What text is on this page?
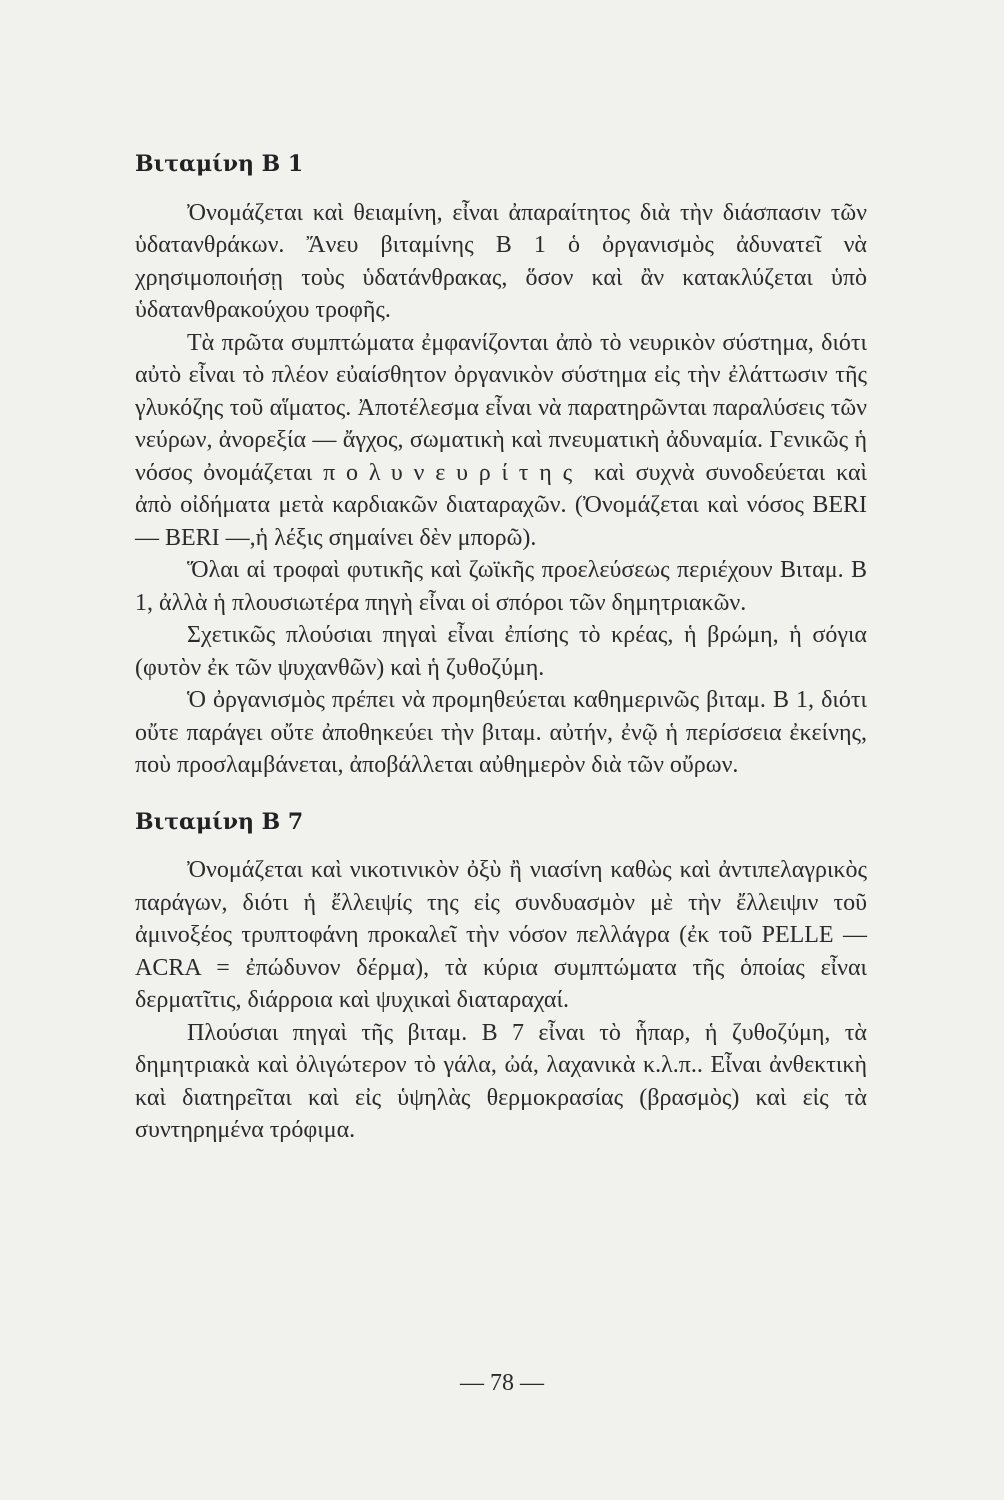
Βιταμίνη Β 1

Ὀνομάζεται καὶ θειαμίνη, εἶναι ἀπαραίτητος διὰ τὴν διάσπασιν τῶν ὑδατανθράκων. Ἄνευ βιταμίνης Β 1 ὁ ὀργανισμὸς ἀδυνατεῖ νὰ χρησιμοποιήσῃ τοὺς ὑδατάνθρακας, ὅσον καὶ ἂν κατακλύζεται ὑπὸ ὑδατανθρακούχου τροφῆς.

Τὰ πρῶτα συμπτώματα ἐμφανίζονται ἀπὸ τὸ νευρικὸν σύστημα, διότι αὐτὸ εἶναι τὸ πλέον εὐαίσθητον ὀργανικὸν σύστημα εἰς τὴν ἐλάττωσιν τῆς γλυκόζης τοῦ αἵματος. Ἀποτέλεσμα εἶναι νὰ παρατηρῶνται παραλύσεις τῶν νεύρων, ἀνορεξία — ἄγχος, σωματικὴ καὶ πνευματικὴ ἀδυναμία. Γενικῶς ἡ νόσος ὀνομάζεται πολυνευρίτης καὶ συχνὰ συνοδεύεται καὶ ἀπὸ οἰδήματα μετὰ καρδιακῶν διαταραχῶν. (Ὀνομάζεται καὶ νόσος BERI — BERI —,ἡ λέξις σημαίνει δὲν μπορῶ).

Ὅλαι αἱ τροφαὶ φυτικῆς καὶ ζωϊκῆς προελεύσεως περιέχουν Βιταμ. Β 1, ἀλλὰ ἡ πλουσιωτέρα πηγὴ εἶναι οἱ σπόροι τῶν δημητριακῶν.

Σχετικῶς πλούσιαι πηγαὶ εἶναι ἐπίσης τὸ κρέας, ἡ βρώμη, ἡ σόγια (φυτὸν ἐκ τῶν ψυχανθῶν) καὶ ἡ ζυθοζύμη.

Ὁ ὀργανισμὸς πρέπει νὰ προμηθεύεται καθημερινῶς βιταμ. Β 1, διότι οὔτε παράγει οὔτε ἀποθηκεύει τὴν βιταμ. αὐτήν, ἐνῷ ἡ περίσσεια ἐκείνης, ποὺ προσλαμβάνεται, ἀποβάλλεται αὐθημερὸν διὰ τῶν οὔρων.

Βιταμίνη Β 7

Ὀνομάζεται καὶ νικοτινικὸν ὀξὺ ἢ νιασίνη καθὼς καὶ ἀντιπελαγρικὸς παράγων, διότι ἡ ἔλλειψίς της εἰς συνδυασμὸν μὲ τὴν ἔλλειψιν τοῦ ἀμινοξέος τρυπτοφάνη προκαλεῖ τὴν νόσον πελλάγρα (ἐκ τοῦ PELLE — ACRA = ἐπώδυνον δέρμα), τὰ κύρια συμπτώματα τῆς ὁποίας εἶναι δερματῖτις, διάρροια καὶ ψυχικαὶ διαταραχαί.

Πλούσιαι πηγαὶ τῆς βιταμ. Β 7 εἶναι τὸ ἧπαρ, ἡ ζυθοζύμη, τὰ δημητριακὰ καὶ ὀλιγώτερον τὸ γάλα, ὠά, λαχανικὰ κ.λ.π.. Εἶναι ἀνθεκτικὴ καὶ διατηρεῖται καὶ εἰς ὑψηλὰς θερμοκρασίας (βρασμὸς) καὶ εἰς τὰ συντηρημένα τρόφιμα.

— 78 —
